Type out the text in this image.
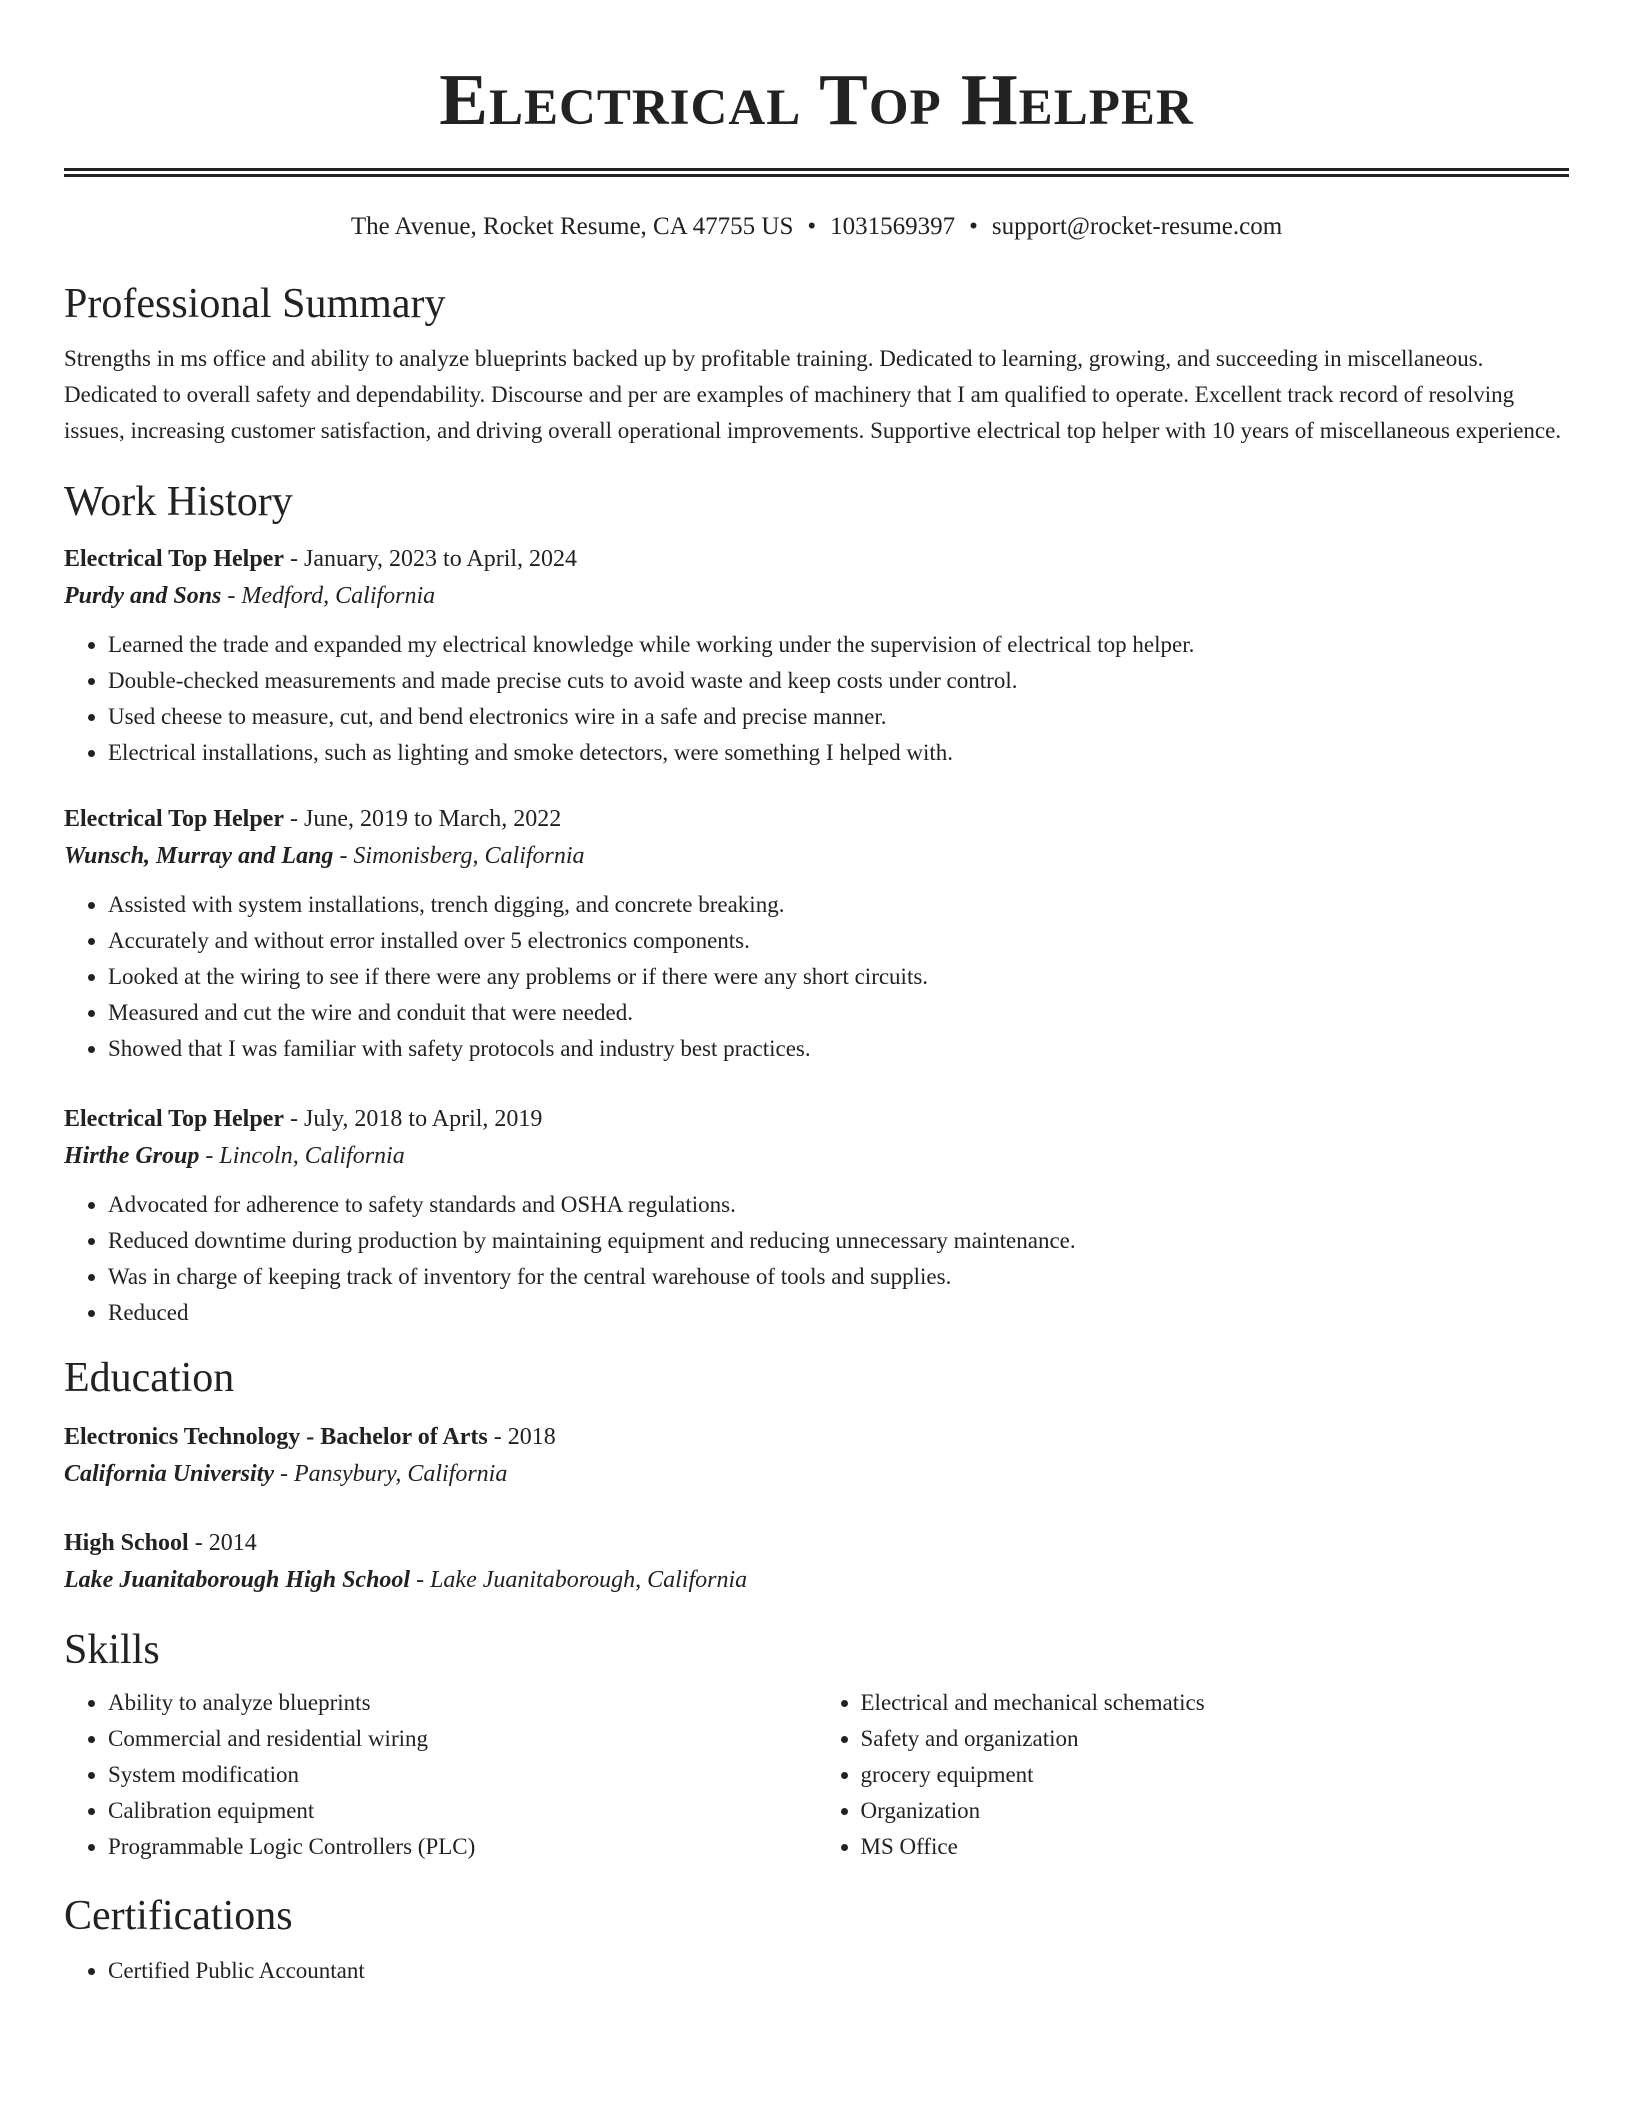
Electrical Top Helper
The Avenue, Rocket Resume, CA 47755 US • 1031569397 • support@rocket-resume.com
Professional Summary

Strengths in ms office and ability to analyze blueprints backed up by profitable training. Dedicated to learning, growing, and succeeding in miscellaneous. Dedicated to overall safety and dependability. Discourse and per are examples of machinery that I am qualified to operate. Excellent track record of resolving issues, increasing customer satisfaction, and driving overall operational improvements. Supportive electrical top helper with 10 years of miscellaneous experience.

Work History

Electrical Top Helper - January, 2023 to April, 2024

Purdy and Sons - Medford, California

• Learned the trade and expanded my electrical knowledge while working under the supervision of electrical top helper.
• Double-checked measurements and made precise cuts to avoid waste and keep costs under control.
• Used cheese to measure, cut, and bend electronics wire in a safe and precise manner.
• Electrical installations, such as lighting and smoke detectors, were something I helped with.

Electrical Top Helper - June, 2019 to March, 2022

Wunsch, Murray and Lang - Simonisberg, California

• Assisted with system installations, trench digging, and concrete breaking.
• Accurately and without error installed over 5 electronics components.
• Looked at the wiring to see if there were any problems or if there were any short circuits.
• Measured and cut the wire and conduit that were needed.
• Showed that I was familiar with safety protocols and industry best practices.

Electrical Top Helper - July, 2018 to April, 2019

Hirthe Group - Lincoln, California

• Advocated for adherence to safety standards and OSHA regulations.
• Reduced downtime during production by maintaining equipment and reducing unnecessary maintenance.
• Was in charge of keeping track of inventory for the central warehouse of tools and supplies.
• Reduced
Education

Electronics Technology - Bachelor of Arts - 2018

California University - Pansybury, California

High School - 2014

Lake Juanitaborough High School - Lake Juanitaborough, California

Skills
• Ability to analyze blueprints
• Commercial and residential wiring
• System modification
• Calibration equipment
• Programmable Logic Controllers (PLC)
• Electrical and mechanical schematics
• Safety and organization
• grocery equipment
• Organization
• MS Office
Certifications
• Certified Public Accountant
